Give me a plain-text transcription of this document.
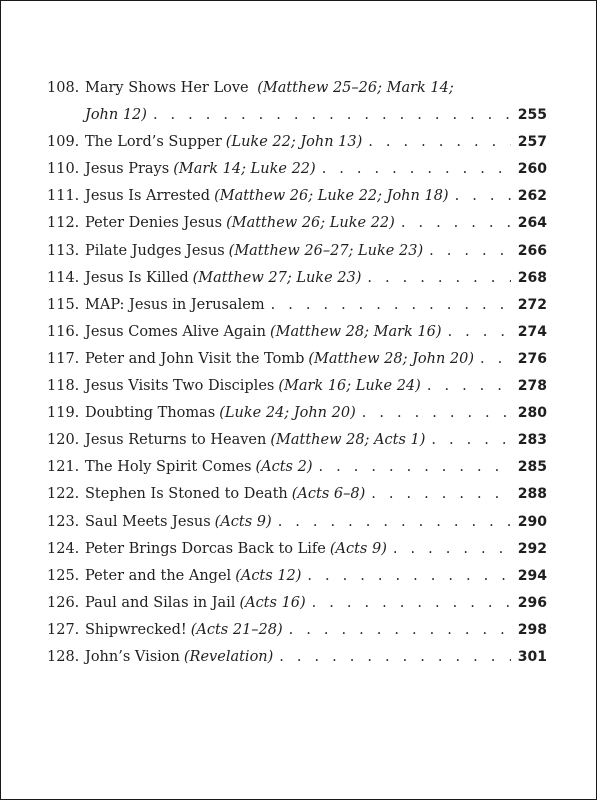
108. Mary Shows Her Love (Matthew 25–26; Mark 14;
John 12) . . .	255
109. The Lord’s Supper (Luke 22; John 13) . . .	257
110. Jesus Prays (Mark 14; Luke 22) . . .	260
111. Jesus Is Arrested (Matthew 26; Luke 22; John 18) . . .	262
112. Peter Denies Jesus (Matthew 26; Luke 22) . . .	264
113. Pilate Judges Jesus (Matthew 26–27; Luke 23) . . .	266
114. Jesus Is Killed (Matthew 27; Luke 23) . . .	268
115. MAP: Jesus in Jerusalem . . .	272
116. Jesus Comes Alive Again (Matthew 28; Mark 16) . . .	274
117. Peter and John Visit the Tomb (Matthew 28; John 20) . . .	276
118. Jesus Visits Two Disciples (Mark 16; Luke 24) . . .	278
119. Doubting Thomas (Luke 24; John 20) . . .	280
120. Jesus Returns to Heaven (Matthew 28; Acts 1) . . .	283
121. The Holy Spirit Comes (Acts 2) . . .	285
122. Stephen Is Stoned to Death (Acts 6–8) . . .	288
123. Saul Meets Jesus (Acts 9) . . .	290
124. Peter Brings Dorcas Back to Life (Acts 9) . . .	292
125. Peter and the Angel (Acts 12) . . .	294
126. Paul and Silas in Jail (Acts 16) . . .	296
127. Shipwrecked! (Acts 21–28) . . .	298
128. John’s Vision (Revelation) . . .	301
